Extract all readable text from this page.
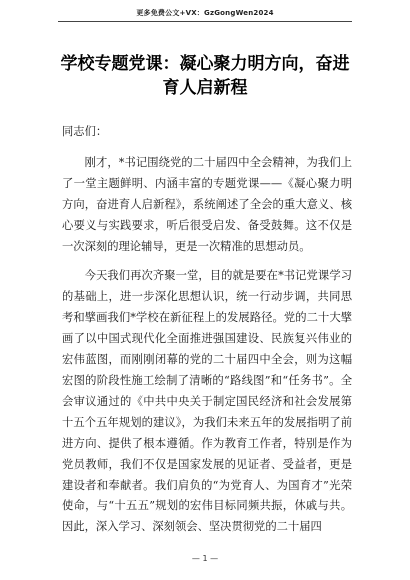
更多免费公文+VX：GzGongWen2024
学校专题党课：凝心聚力明方向，奋进育人启新程

同志们：

刚才，*书记围绕党的二十届四中全会精神，为我们上了一堂主题鲜明、内涵丰富的专题党课——《凝心聚力明方向，奋进育人启新程》，系统阐述了全会的重大意义、核心要义与实践要求，听后很受启发、备受鼓舞。这不仅是一次深刻的理论辅导，更是一次精准的思想动员。

今天我们再次齐聚一堂，目的就是要在*书记党课学习的基础上，进一步深化思想认识，统一行动步调，共同思考和擘画我们*学校在新征程上的发展路径。党的二十大擘画了以中国式现代化全面推进强国建设、民族复兴伟业的宏伟蓝图，而刚刚闭幕的党的二十届四中全会，则为这幅宏图的阶段性施工绘制了清晰的“路线图”和“任务书”。全会审议通过的《中共中央关于制定国民经济和社会发展第十五个五年规划的建议》，为我们未来五年的发展指明了前进方向、提供了根本遵循。作为教育工作者，特别是作为党员教师，我们不仅是国家发展的见证者、受益者，更是建设者和奉献者。我们肩负的“为党育人、为国育才”光荣使命，与“十五五”规划的宏伟目标同频共振，休戚与共。因此，深入学习、深刻领会、坚决贯彻党的二十届四

— 1 —
